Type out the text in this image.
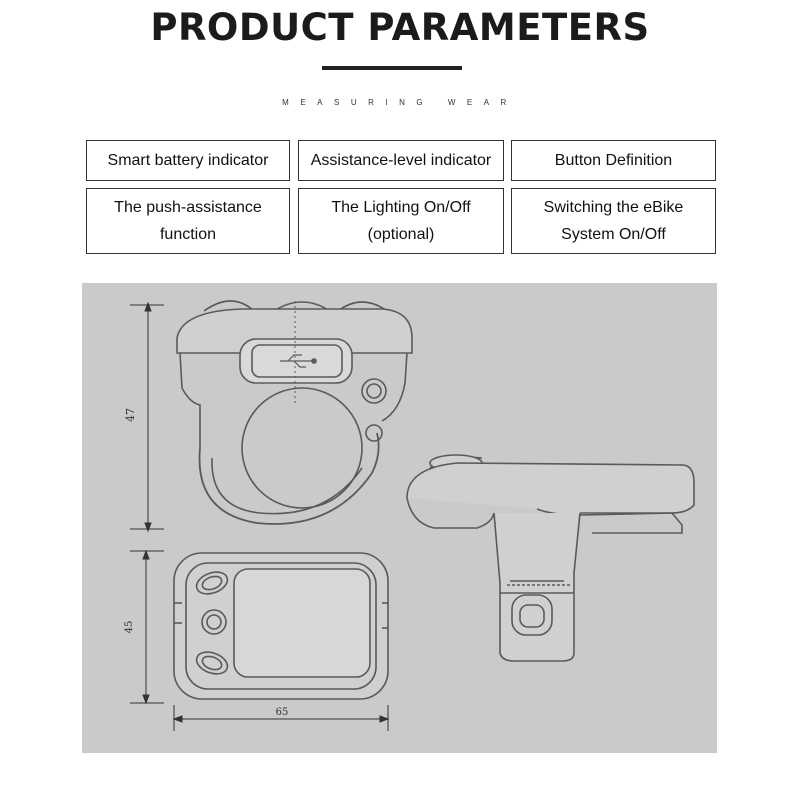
PRODUCT PARAMETERS
MEASURING WEAR
Smart battery indicator	Assistance-level indicator	Button Definition
The push-assistance
function
The Lighting On/Off
(optional)
Switching the eBike
System On/Off
47
45
65
